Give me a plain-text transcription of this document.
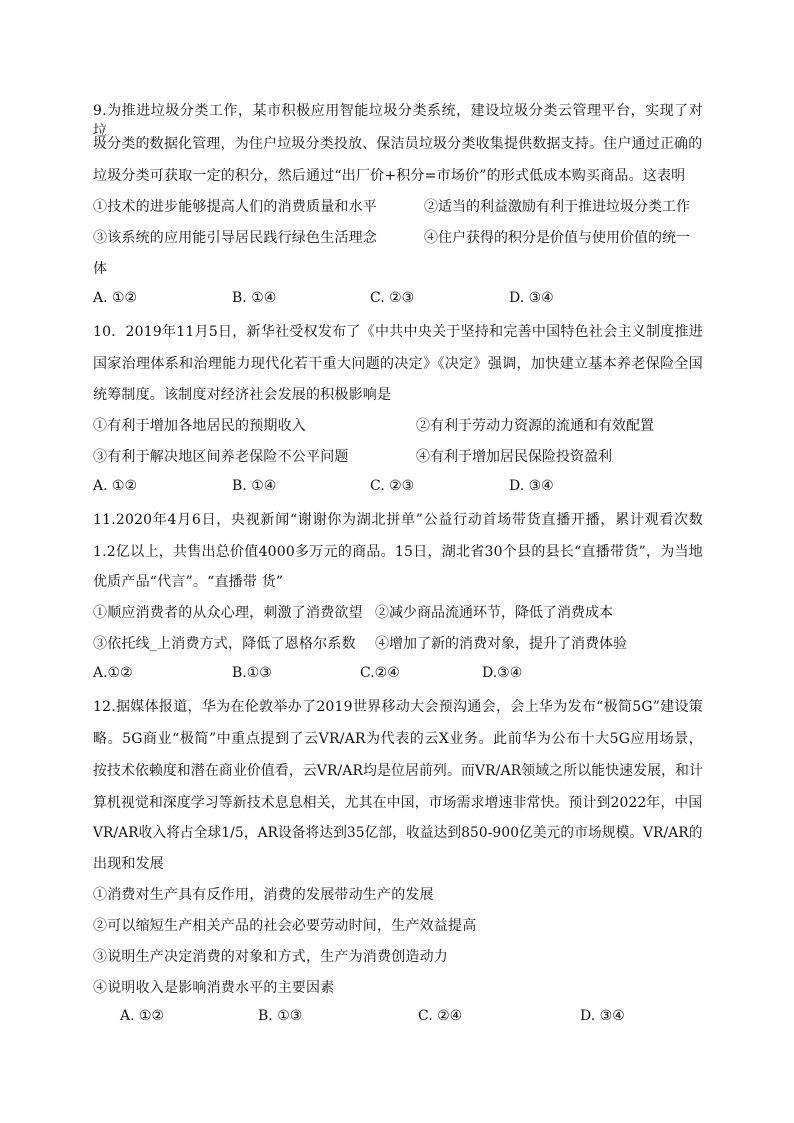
9.为推进垃圾分类工作，某市积极应用智能垃圾分类系统，建设垃圾分类云管理平台，实现了对垃
圾分类的数据化管理，为住户垃圾分类投放、保洁员垃圾分类收集提供数据支持。住户通过正确的
垃圾分类可获取一定的积分，然后通过“出厂价+积分=市场价”的形式低成本购买商品。这表明
①技术的进步能够提高人们的消费质量和水平	②适当的利益激励有利于推进垃圾分类工作
③该系统的应用能引导居民践行绿色生活理念	④住户获得的积分是价值与使用价值的统一
体
A. ①②	B. ①④	C. ②③	D. ③④
10．2019年11月5日，新华社受权发布了《中共中央关于坚持和完善中国特色社会主义制度推进
国家治理体系和治理能力现代化若干重大问题的决定》《决定》强调，加快建立基本养老保险全国
统筹制度。该制度对经济社会发展的积极影响是
①有利于增加各地居民的预期收入	②有利于劳动力资源的流通和有效配置
③有利于解决地区间养老保险不公平问题	④有利于增加居民保险投资盈利
A. ①②	B. ①④	C. ②③	D. ③④
11.2020年4月6日，央视新闻“谢谢你为湖北拼单”公益行动首场带货直播开播，累计观看次数
1.2亿以上，共售出总价值4000多万元的商品。15日，湖北省30个县的县长“直播带货”，为当地
优质产品“代言”。“直播带 货”
①顺应消费者的从众心理，刺激了消费欲望 ②减少商品流通环节，降低了消费成本
③依托线_上消费方式，降低了恩格尔系数 ④增加了新的消费对象，提升了消费体验
A.①②	B.①③	C.②④	D.③④
12.据媒体报道，华为在伦敦举办了2019世界移动大会预沟通会，会上华为发布“极简5G”建设策
略。5G商业“极简”中重点提到了云VR/AR为代表的云X业务。此前华为公布十大5G应用场景，
按技术依赖度和潜在商业价值看，云VR/AR均是位居前列。而VR/AR领域之所以能快速发展，和计
算机视觉和深度学习等新技术息息相关，尤其在中国，市场需求增速非常快。预计到2022年，中国
VR/AR收入将占全球1/5，AR设备将达到35亿部，收益达到850-900亿美元的市场规模。VR/AR的
出现和发展
①消费对生产具有反作用，消费的发展带动生产的发展
②可以缩短生产相关产品的社会必要劳动时间，生产效益提高
③说明生产决定消费的对象和方式，生产为消费创造动力
④说明收入是影响消费水平的主要因素
A. ①②	B. ①③	C. ②④	D. ③④
